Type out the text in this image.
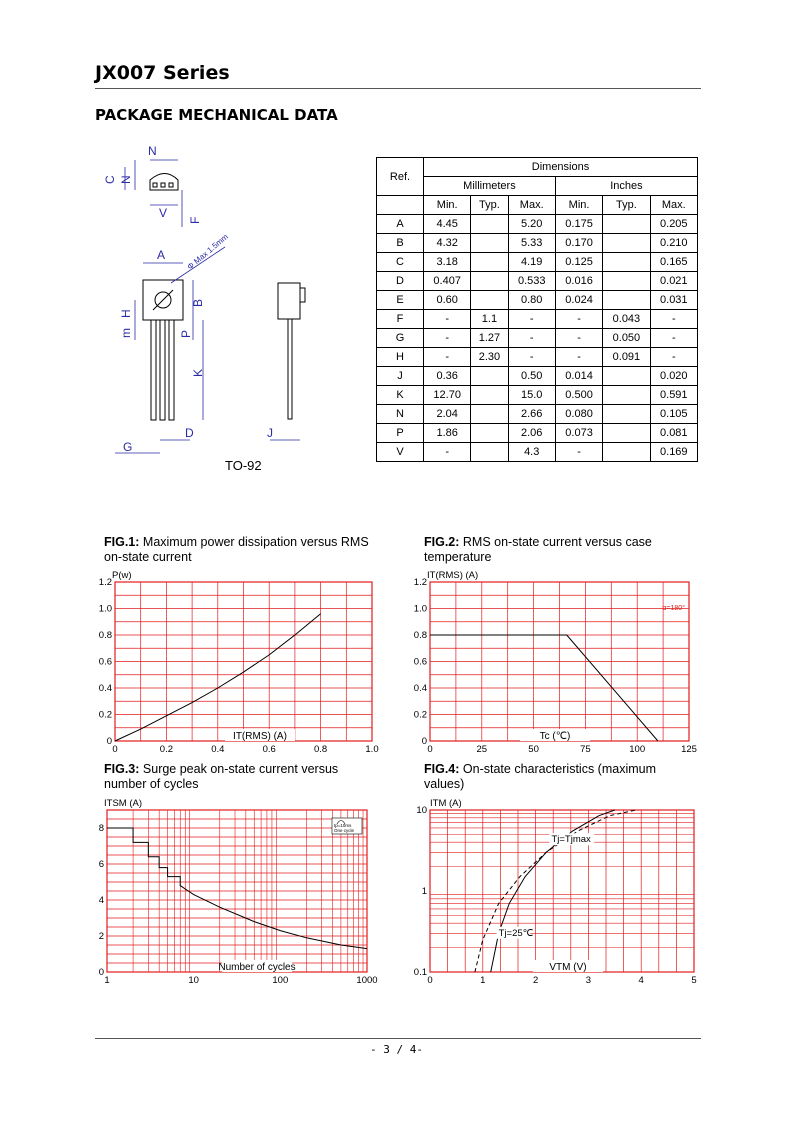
JX007 Series
PACKAGE MECHANICAL DATA
N
C N
V
F
A
B
H
m	P
K
G
D	J
Φ Max 1.5mm
TO-92
Ref.	Dimensions					
	Millimeters			Inches		
	Min.	Typ.	Max.	Min.	Typ.	Max.
A	4.45		5.20	0.175		0.205
B	4.32		5.33	0.170		0.210
C	3.18		4.19	0.125		0.165
D	0.407		0.533	0.016		0.021
E	0.60		0.80	0.024		0.031
F	-	1.1	-	-	0.043	-
G	-	1.27	-	-	0.050	-
H	-	2.30	-	-	0.091	-
J	0.36		0.50	0.014		0.020
K	12.70		15.0	0.500		0.591
N	2.04		2.66	0.080		0.105
P	1.86		2.06	0.073		0.081
V	-		4.3	-		0.169
FIG.1: Maximum power dissipation versus RMS
on-state current
FIG.2: RMS on-state current versus case
temperature
FIG.3: Surge peak on-state current versus
number of cycles
FIG.4: On-state characteristics (maximum
values)
0	0.2	0.4	0.6	0.8	1.0
0
0.2
0.4
0.6
0.8
1.0
1.2
P(w)
IT(RMS) (A)
0	25	50	75	100	125
0
0.2
0.4
0.6
0.8
1.0
1.2
IT(RMS) (A)
Tc (℃)
α=180°
1	10	100	1000
0
2
4
6
8
ITSM (A)
Number of cycles
tp=10ms
One cycle
0	1	2	3	4	5
0.1
1
10
ITM (A)
VTM (V)
Tj=25℃
Tj=Tjmax
- 3 / 4-
